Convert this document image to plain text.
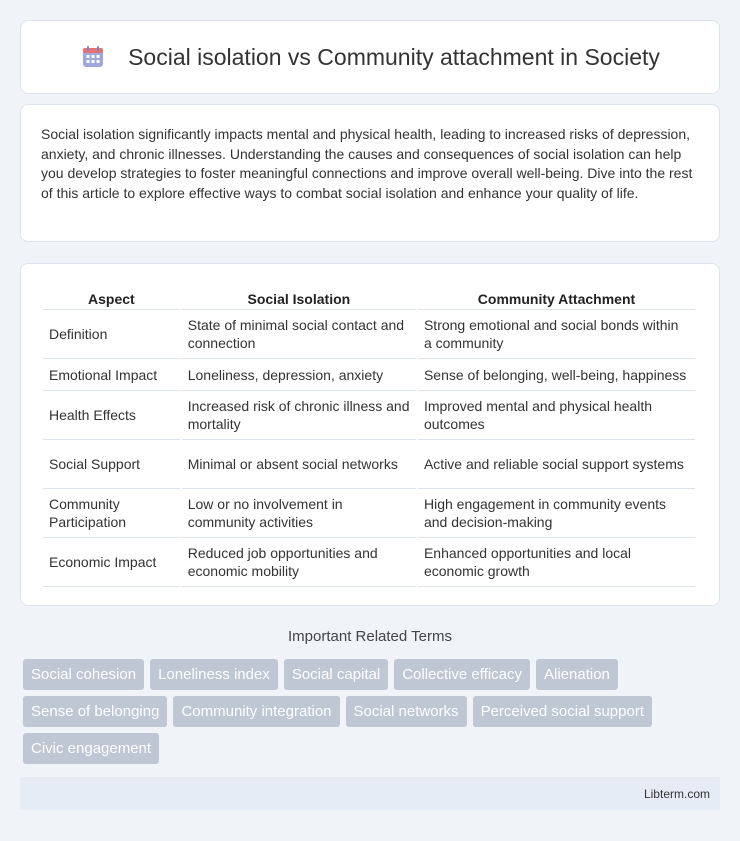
Social isolation vs Community attachment in Society

Social isolation significantly impacts mental and physical health, leading to increased risks of depression, anxiety, and chronic illnesses. Understanding the causes and consequences of social isolation can help you develop strategies to foster meaningful connections and improve overall well-being. Dive into the rest of this article to explore effective ways to combat social isolation and enhance your quality of life.

Aspect	Social Isolation	Community Attachment
Definition	State of minimal social contact and connection	Strong emotional and social bonds within a community
Emotional Impact	Loneliness, depression, anxiety	Sense of belonging, well-being, happiness
Health Effects	Increased risk of chronic illness and mortality	Improved mental and physical health outcomes
Social Support	Minimal or absent social networks	Active and reliable social support systems
Community Participation	Low or no involvement in community activities	High engagement in community events and decision-making
Economic Impact	Reduced job opportunities and economic mobility	Enhanced opportunities and local economic growth
Important Related Terms
Social cohesion	Loneliness index	Social capital	Collective efficacy	Alienation
Sense of belonging	Community integration	Social networks	Perceived social support
Civic engagement
Libterm.com
